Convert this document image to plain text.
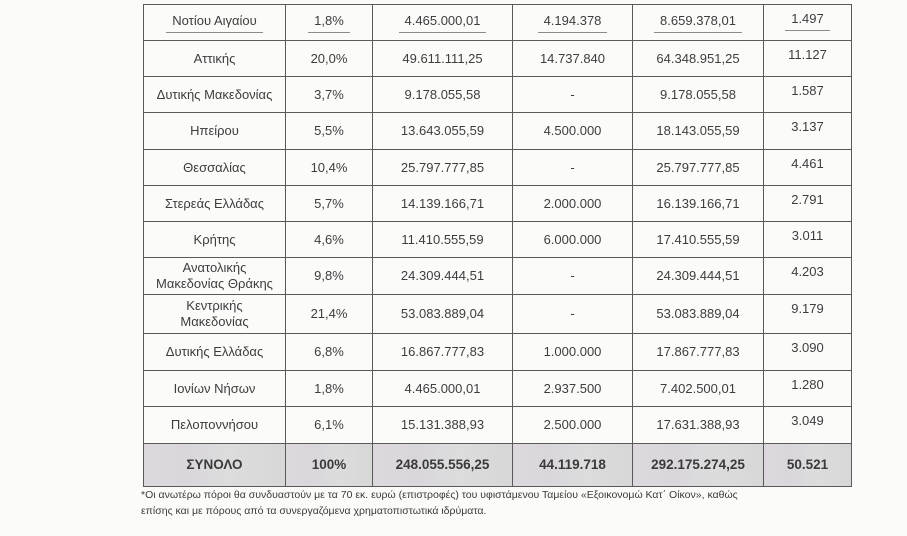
Νοτίου Αιγαίου	1,8%	4.465.000,01	4.194.378	8.659.378,01	1.497
Αττικής	20,0%	49.611.111,25	14.737.840	64.348.951,25	11.127
Δυτικής Μακεδονίας	3,7%	9.178.055,58	-	9.178.055,58	1.587
Ηπείρου	5,5%	13.643.055,59	4.500.000	18.143.055,59	3.137
Θεσσαλίας	10,4%	25.797.777,85	-	25.797.777,85	4.461
Στερεάς Ελλάδας	5,7%	14.139.166,71	2.000.000	16.139.166,71	2.791
Κρήτης	4,6%	11.410.555,59	6.000.000	17.410.555,59	3.011

Ανατολικής
Μακεδονίας Θράκης	9,8%	24.309.444,51	-	24.309.444,51	4.203

Κεντρικής
Μακεδονίας	21,4%	53.083.889,04	-	53.083.889,04	9.179
Δυτικής Ελλάδας	6,8%	16.867.777,83	1.000.000	17.867.777,83	3.090
Ιονίων Νήσων	1,8%	4.465.000,01	2.937.500	7.402.500,01	1.280
Πελοποννήσου	6,1%	15.131.388,93	2.500.000	17.631.388,93	3.049
ΣΥΝΟΛΟ	100%	248.055.556,25	44.119.718	292.175.274,25	50.521
*Οι ανωτέρω πόροι θα συνδυαστούν με τα 70 εκ. ευρώ (επιστροφές) του υφιστάμενου Ταμείου «Εξοικονομώ Κατ΄ Οίκον», καθώς
επίσης και με πόρους από τα συνεργαζόμενα χρηματοπιστωτικά ιδρύματα.
